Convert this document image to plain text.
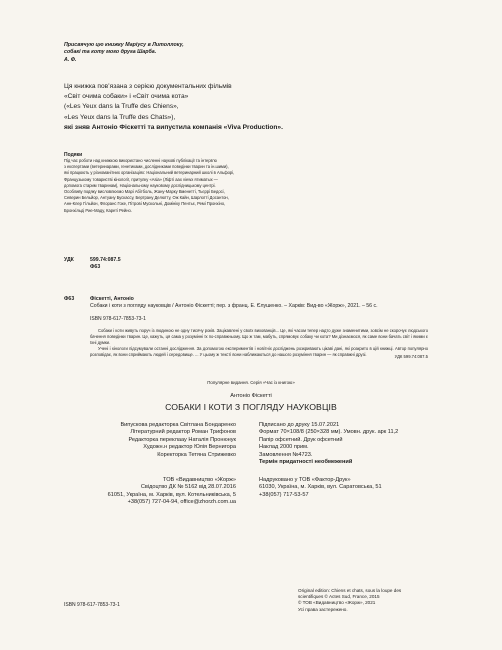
Присвячую цю книжку Маріусу в Литоллоку,
собакі та коту мого друга Шарба.
А. Ф.
Ця книжка пов’язана з серією документальних фільмів
«Світ очима собаки» і «Світ очима кота»
(«Les Yeux dans la Truffe des Chiens»,
«Les Yeux dans la Truffe des Chats»),
які зняв Антоніо Фіскетті та випустила компанія «Viva Production».
Подяки
Під час роботи над книжкою використано численні наукові публікації та інтерв’ю
з експертами (ветеринарами, генетиками, дослідниками поведінки тварин та ін.шими),
які працюють у різноманітних організаціях: Національний ветеринарний школі в Альфорі,
Французькому товаристві кінології, притулку «Asia» (Ліфті ааx viewx ятиматыx —
допомога старим тваринам), Національному науковому дослідницькому центрі.
Особливу подяку висловлюємо Марі Абітболь, Жану-Марку Вменетті, Тьєррі Бедосі,
Северин Бельйор, Антуану Бускассу, Бертрану Делютту, Ож Кайн, Шарлотті Досантон,
Анн-Клер Гільйон, Флоранс Гохе, Пітрові Мускольні, Домініку Пентьє, Ремі Пронхіно,
Бронхільді Рие-Маду, Кареті Рейно.
УДК	599.74:087.5
Ф63
Ф63	Фіскетті, Антоніо
Собаки і коти з погляду науковців / Антоніо Фіскетті; пер. з франц. Е. Єлушенко. – Харків: Вид-во «Жорж», 2021. – 56 с.
ISBN 978-617-7853-73-1

Собаки і коти живуть поруч із людиною не одну тисячу років. Зацікавлені у своїх вихованців... Це, які часом тепер надто дуже знаменитими, зовсім не скорочує людського бачення поведінки тварин. Це, кажуть, ця сама у розумінні їх по-справжньому. Що ж там, мабуть, спрямовує собаку чи кота? Ми дізнаємося, як саме вони бачать світ і якими є їхні думки.

Учені і кінологи підсумували останні дослідження. За допомогою експериментів і новітніх досліджень розкривають цікаві дані, які розкрито в цій книжці. Автор популярно розповідає, як вони сприймають людей і середовище. ... У цьому ж тексті вони наближаються до нашого розуміння тварин — як справжні друзі.	УДК 599.74:087.5
Популярне видання. Серія «Час із книгою»
Антоніо Фіскетті
СОБАКИ І КОТИ З ПОГЛЯДУ НАУКОВЦІВ
Випускова редакторка Світлана Бондаренко
Літературний редактор Роман Трифонов
Редакторка переклаау Наталія Пронюнук
Художн.н редактор Юлія Вернигора
Коректорка Тетяна Стрижевко
Підписано до друку 15.07.2021
Формат 70×108/8 (250×328 мм). Умовн. друк. арк 11,2
Папір офсетний. Друк офсетний
Наклад 2000 прим.
Замовлення №4723.
Термін придатності необмежений
ТОВ «Видавництво «Жорж»
Свідоцтво ДК № 5162 від 28.07.2016
61051, Україна, м. Харків, вул. Котельниківська, 5
+38(057) 727-04-94, office@zhorzh.com.ua
Надруковано у ТОВ «Фактор-Друк»
61030, Україна, м. Харків, вул. Саратовська, 51
+38(057) 717-53-57
Original edition: Chiens et chats, sous la loupe des
scientifiques © Actes Sud, France, 2015
© ТОВ «Видавництво «Жорж», 2021
Усі права застережено.
ISBN 978-617-7853-73-1
